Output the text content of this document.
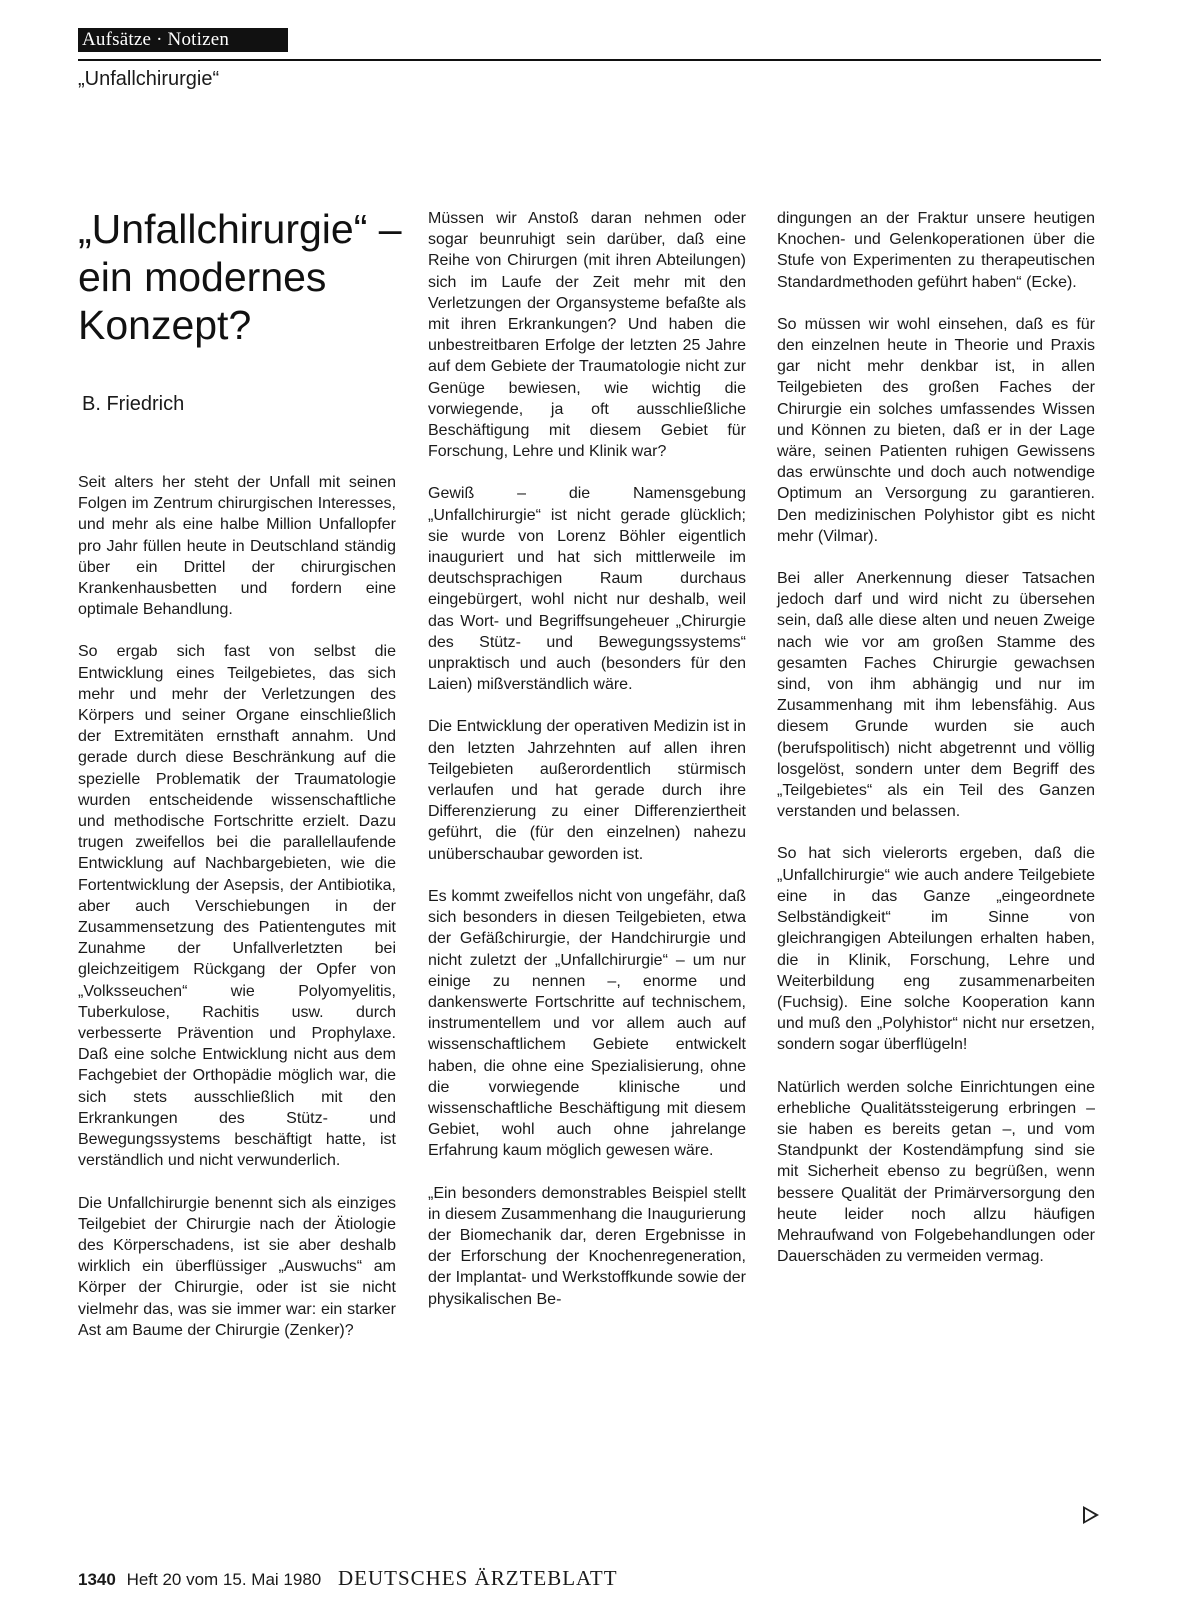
Aufsätze · Notizen
„Unfallchirurgie“
„Unfallchirurgie“ – ein modernes Konzept?
B. Friedrich

Seit alters her steht der Unfall mit seinen Folgen im Zentrum chirurgischen Interesses, und mehr als eine halbe Million Unfallopfer pro Jahr füllen heute in Deutschland ständig über ein Drittel der chirurgischen Krankenhausbetten und fordern eine optimale Behandlung.

So ergab sich fast von selbst die Entwicklung eines Teilgebietes, das sich mehr und mehr der Verletzungen des Körpers und seiner Organe einschließlich der Extremitäten ernsthaft annahm. Und gerade durch diese Beschränkung auf die spezielle Problematik der Traumatologie wurden entscheidende wissenschaftliche und methodische Fortschritte erzielt. Dazu trugen zweifellos bei die parallellaufende Entwicklung auf Nachbargebieten, wie die Fortentwicklung der Asepsis, der Antibiotika, aber auch Verschiebungen in der Zusammensetzung des Patientengutes mit Zunahme der Unfallverletzten bei gleichzeitigem Rückgang der Opfer von „Volksseuchen“ wie Polyomyelitis, Tuberkulose, Rachitis usw. durch verbesserte Prävention und Prophylaxe. Daß eine solche Entwicklung nicht aus dem Fachgebiet der Orthopädie möglich war, die sich stets ausschließlich mit den Erkrankungen des Stütz- und Bewegungssystems beschäftigt hatte, ist verständlich und nicht verwunderlich.

Die Unfallchirurgie benennt sich als einziges Teilgebiet der Chirurgie nach der Ätiologie des Körperschadens, ist sie aber deshalb wirklich ein überflüssiger „Auswuchs“ am Körper der Chirurgie, oder ist sie nicht vielmehr das, was sie immer war: ein starker Ast am Baume der Chirurgie (Zenker)?

Müssen wir Anstoß daran nehmen oder sogar beunruhigt sein darüber, daß eine Reihe von Chirurgen (mit ihren Abteilungen) sich im Laufe der Zeit mehr mit den Verletzungen der Organsysteme befaßte als mit ihren Erkrankungen? Und haben die unbestreitbaren Erfolge der letzten 25 Jahre auf dem Gebiete der Traumatologie nicht zur Genüge bewiesen, wie wichtig die vorwiegende, ja oft ausschließliche Beschäftigung mit diesem Gebiet für Forschung, Lehre und Klinik war?

Gewiß – die Namensgebung „Unfallchirurgie“ ist nicht gerade glücklich; sie wurde von Lorenz Böhler eigentlich inauguriert und hat sich mittlerweile im deutschsprachigen Raum durchaus eingebürgert, wohl nicht nur deshalb, weil das Wort- und Begriffsungeheuer „Chirurgie des Stütz- und Bewegungssystems“ unpraktisch und auch (besonders für den Laien) mißverständlich wäre.

Die Entwicklung der operativen Medizin ist in den letzten Jahrzehnten auf allen ihren Teilgebieten außerordentlich stürmisch verlaufen und hat gerade durch ihre Differenzierung zu einer Differenziertheit geführt, die (für den einzelnen) nahezu unüberschaubar geworden ist.

Es kommt zweifellos nicht von ungefähr, daß sich besonders in diesen Teilgebieten, etwa der Gefäßchirurgie, der Handchirurgie und nicht zuletzt der „Unfallchirurgie“ – um nur einige zu nennen –, enorme und dankenswerte Fortschritte auf technischem, instrumentellem und vor allem auch auf wissenschaftlichem Gebiete entwickelt haben, die ohne eine Spezialisierung, ohne die vorwiegende klinische und wissenschaftliche Beschäftigung mit diesem Gebiet, wohl auch ohne jahrelange Erfahrung kaum möglich gewesen wäre.

„Ein besonders demonstrables Beispiel stellt in diesem Zusammenhang die Inaugurierung der Biomechanik dar, deren Ergebnisse in der Erforschung der Knochenregeneration, der Implantat- und Werkstoffkunde sowie der physikalischen Be-

dingungen an der Fraktur unsere heutigen Knochen- und Gelenkoperationen über die Stufe von Experimenten zu therapeutischen Standardmethoden geführt haben“ (Ecke).

So müssen wir wohl einsehen, daß es für den einzelnen heute in Theorie und Praxis gar nicht mehr denkbar ist, in allen Teilgebieten des großen Faches der Chirurgie ein solches umfassendes Wissen und Können zu bieten, daß er in der Lage wäre, seinen Patienten ruhigen Gewissens das erwünschte und doch auch notwendige Optimum an Versorgung zu garantieren. Den medizinischen Polyhistor gibt es nicht mehr (Vilmar).

Bei aller Anerkennung dieser Tatsachen jedoch darf und wird nicht zu übersehen sein, daß alle diese alten und neuen Zweige nach wie vor am großen Stamme des gesamten Faches Chirurgie gewachsen sind, von ihm abhängig und nur im Zusammenhang mit ihm lebensfähig. Aus diesem Grunde wurden sie auch (berufspolitisch) nicht abgetrennt und völlig losgelöst, sondern unter dem Begriff des „Teilgebietes“ als ein Teil des Ganzen verstanden und belassen.

So hat sich vielerorts ergeben, daß die „Unfallchirurgie“ wie auch andere Teilgebiete eine in das Ganze „eingeordnete Selbständigkeit“ im Sinne von gleichrangigen Abteilungen erhalten haben, die in Klinik, Forschung, Lehre und Weiterbildung eng zusammenarbeiten (Fuchsig). Eine solche Kooperation kann und muß den „Polyhistor“ nicht nur ersetzen, sondern sogar überflügeln!

Natürlich werden solche Einrichtungen eine erhebliche Qualitätssteigerung erbringen – sie haben es bereits getan –, und vom Standpunkt der Kostendämpfung sind sie mit Sicherheit ebenso zu begrüßen, wenn bessere Qualität der Primärversorgung den heute leider noch allzu häufigen Mehraufwand von Folgebehandlungen oder Dauerschäden zu vermeiden vermag.

1340 Heft 20 vom 15. Mai 1980 DEUTSCHES ÄRZTEBLATT
